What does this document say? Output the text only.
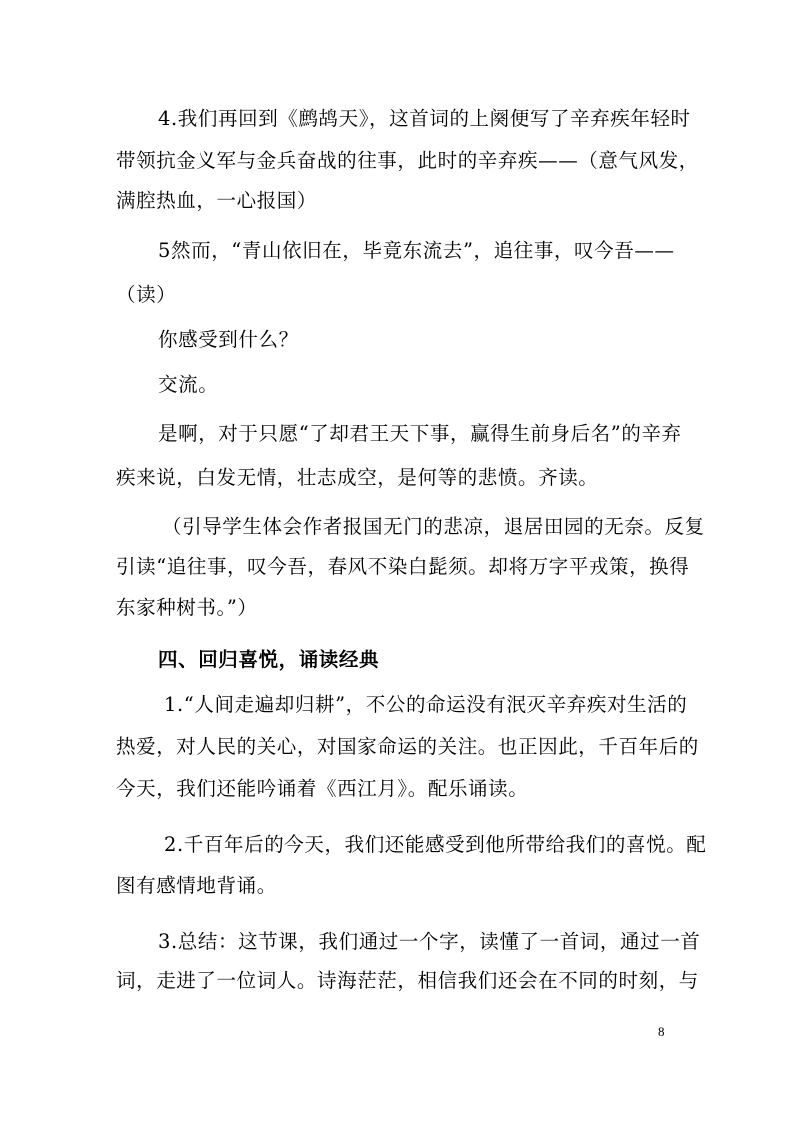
4.我们再回到《鹧鸪天》，这首词的上阕便写了辛弃疾年轻时
带领抗金义军与金兵奋战的往事，此时的辛弃疾——（意气风发，
满腔热血，一心报国）
5然而，“青山依旧在，毕竟东流去”，追往事，叹今吾——
（读）
你感受到什么？
交流。
是啊，对于只愿“了却君王天下事，赢得生前身后名”的辛弃
疾来说，白发无情，壮志成空，是何等的悲愤。齐读。
（引导学生体会作者报国无门的悲凉，退居田园的无奈。反复
引读“追往事，叹今吾，春风不染白髭须。却将万字平戎策，换得
东家种树书。”）
四、回归喜悦，诵读经典
1.“人间走遍却归耕”，不公的命运没有泯灭辛弃疾对生活的
热爱，对人民的关心，对国家命运的关注。也正因此，千百年后的
今天，我们还能吟诵着《西江月》。配乐诵读。
2.千百年后的今天，我们还能感受到他所带给我们的喜悦。配
图有感情地背诵。
3.总结：这节课，我们通过一个字，读懂了一首词，通过一首
词，走进了一位词人。诗海茫茫，相信我们还会在不同的时刻，与
8
